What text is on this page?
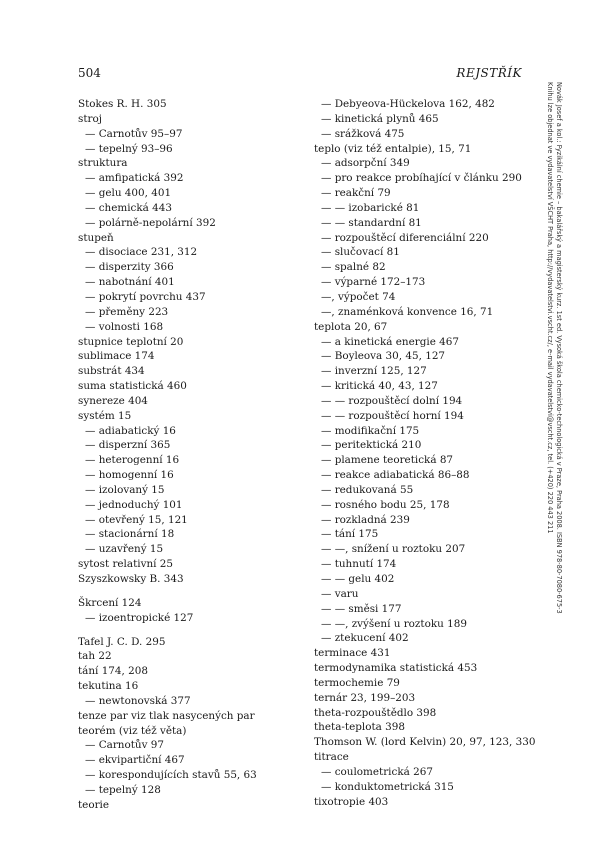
504	REJSTŘÍK
Stokes R. H. 305
stroj
— Carnotův 95–97
— tepelný 93–96
struktura
— amfipatická 392
— gelu 400, 401
— chemická 443
— polárně-nepolární 392
stupeň
— disociace 231, 312
— disperzity 366
— nabotnání 401
— pokrytí povrchu 437
— přeměny 223
— volnosti 168
stupnice teplotní 20
sublimace 174
substrát 434
suma statistická 460
synereze 404
systém 15
— adiabatický 16
— disperzní 365
— heterogenní 16
— homogenní 16
— izolovaný 15
— jednoduchý 101
— otevřený 15, 121
— stacionární 18
— uzavřený 15
sytost relativní 25
Szyszkowsky B. 343
Škrcení 124
— izoentropické 127
Tafel J. C. D. 295
tah 22
tání 174, 208
tekutina 16
— newtonovská 377
tenze par viz tlak nasycených par
teorém (viz též věta)
— Carnotův 97
— ekvipartiční 467
— korespondujících stavů 55, 63
— tepelný 128
teorie
— Debyeova-Hückelova 162, 482
— kinetická plynů 465
— srážková 475
teplo (viz též entalpie), 15, 71
— adsorpční 349
— pro reakce probíhající v článku 290
— reakční 79
— — izobarické 81
— — standardní 81
— rozpouštěcí diferenciální 220
— slučovací 81
— spalné 82
— výparné 172–173
—, výpočet 74
—, znaménková konvence 16, 71
teplota 20, 67
— a kinetická energie 467
— Boyleova 30, 45, 127
— inverzní 125, 127
— kritická 40, 43, 127
— — rozpouštěcí dolní 194
— — rozpouštěcí horní 194
— modifikační 175
— peritektická 210
— plamene teoretická 87
— reakce adiabatická 86–88
— redukovaná 55
— rosného bodu 25, 178
— rozkladná 239
— tání 175
— —, snížení u roztoku 207
— tuhnutí 174
— — gelu 402
— varu
— — směsi 177
— —, zvýšení u roztoku 189
— ztekucení 402
terminace 431
termodynamika statistická 453
termochemie 79
ternár 23, 199–203
theta-rozpouštědlo 398
theta-teplota 398
Thomson W. (lord Kelvin) 20, 97, 123, 330
titrace
— coulometrická 267
— konduktometrická 315
tixotropie 403
Novák Josef a kol.: Fyzikální chemie – bakalářský a magisterský kurz. 1st ed. Vysoká škola chemicko-technologická v Praze, Praha 2008. ISBN 978-80-7080-675-3
Knihu lze objednat ve vydavatelství VŠCHT Praha, http://vydavatelstvi.vscht.cz/, e-mail vydavatelstvi@vscht.cz, tel. (+420) 220 443 211
